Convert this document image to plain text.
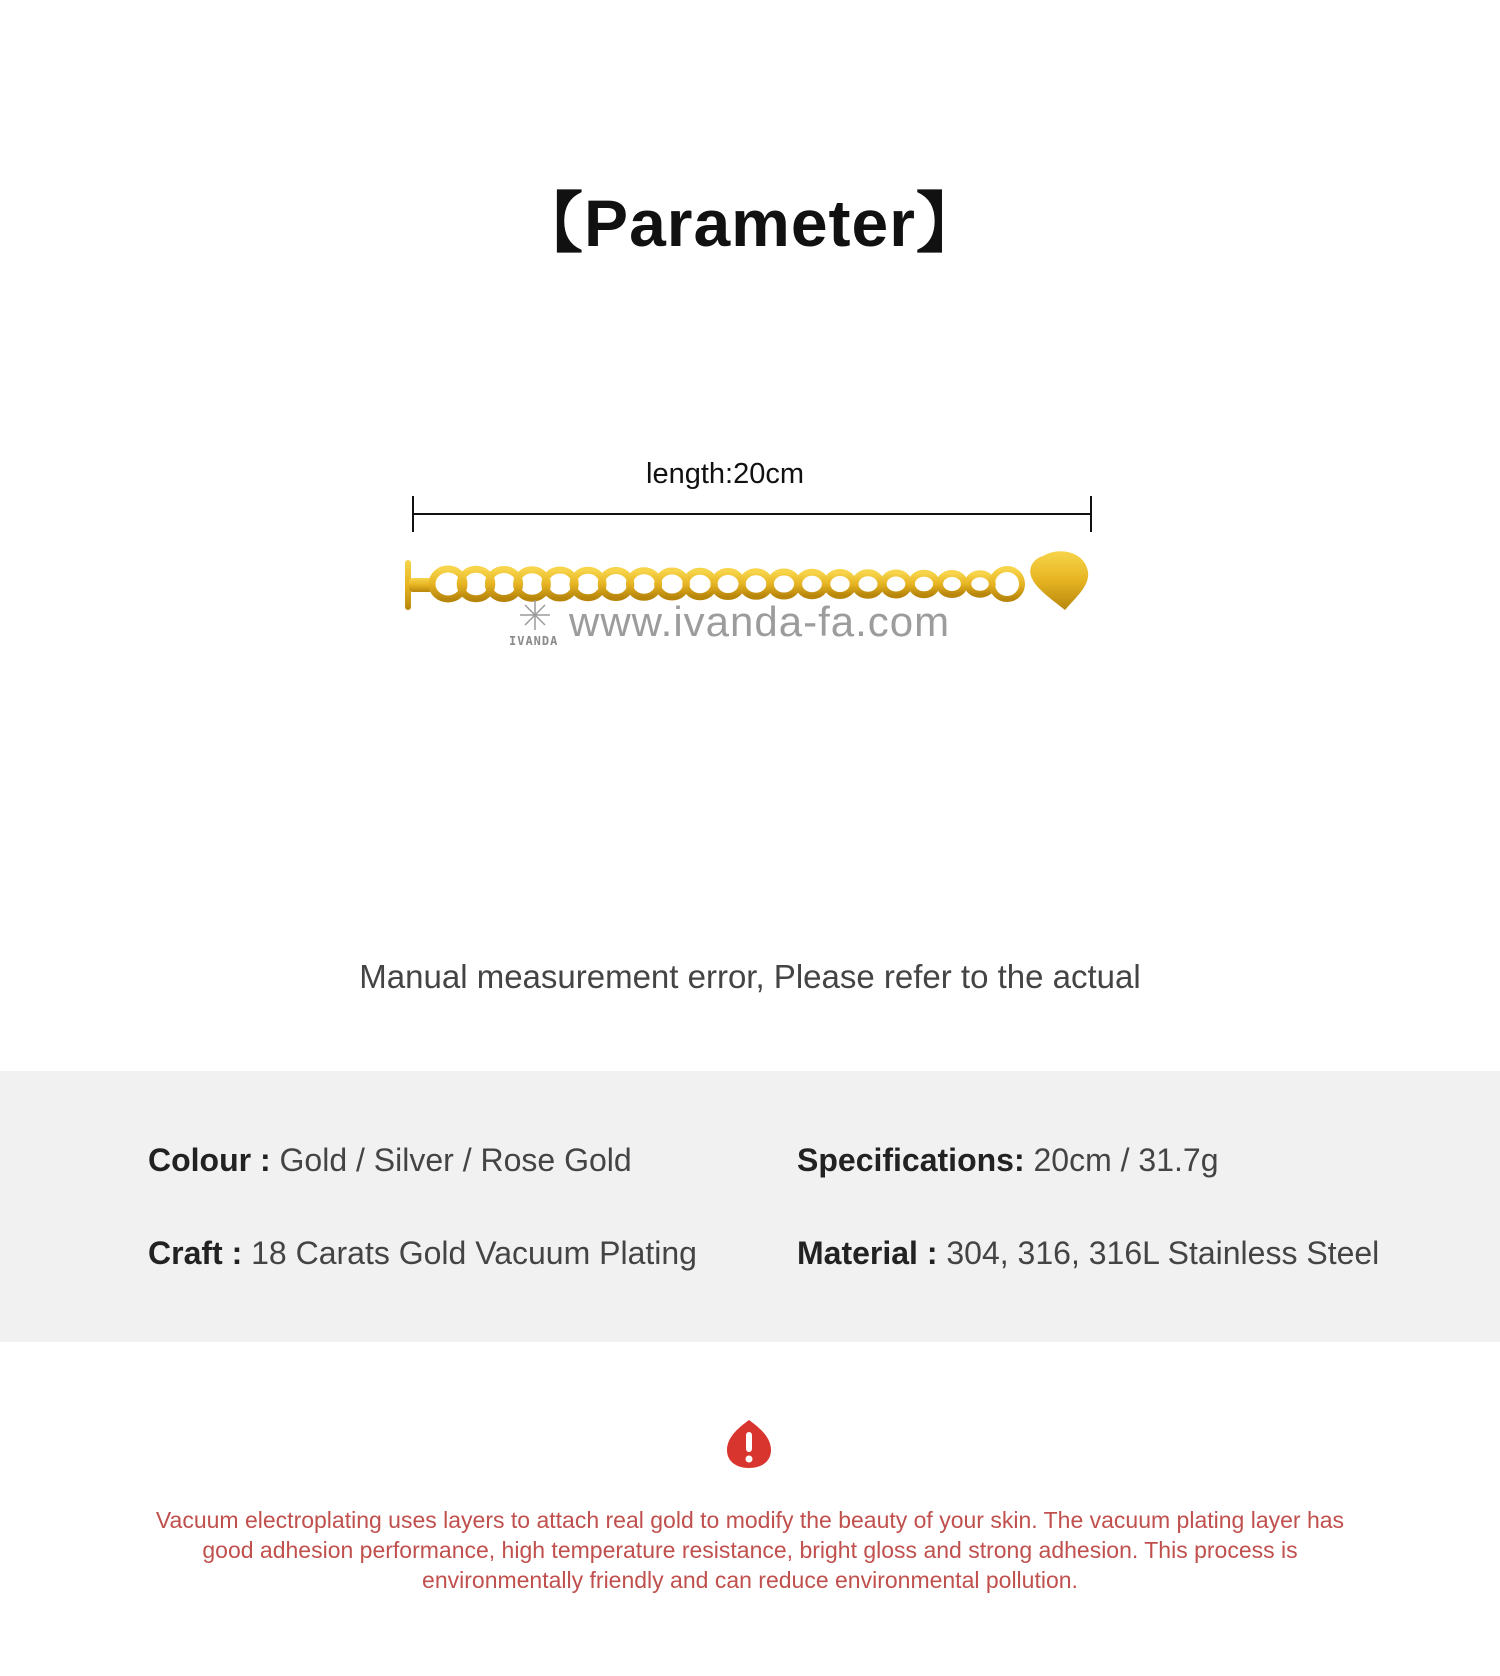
【Parameter】
length:20cm
IVANDA www.ivanda-fa.com
Manual measurement error, Please refer to the actual
Colour : Gold / Silver / Rose Gold	Specifications: 20cm / 31.7g
Craft : 18 Carats Gold Vacuum Plating	Material : 304, 316, 316L Stainless Steel
Vacuum electroplating uses layers to attach real gold to modify the beauty of your skin. The vacuum plating layer has good adhesion performance, high temperature resistance, bright gloss and strong adhesion. This process is environmentally friendly and can reduce environmental pollution.
